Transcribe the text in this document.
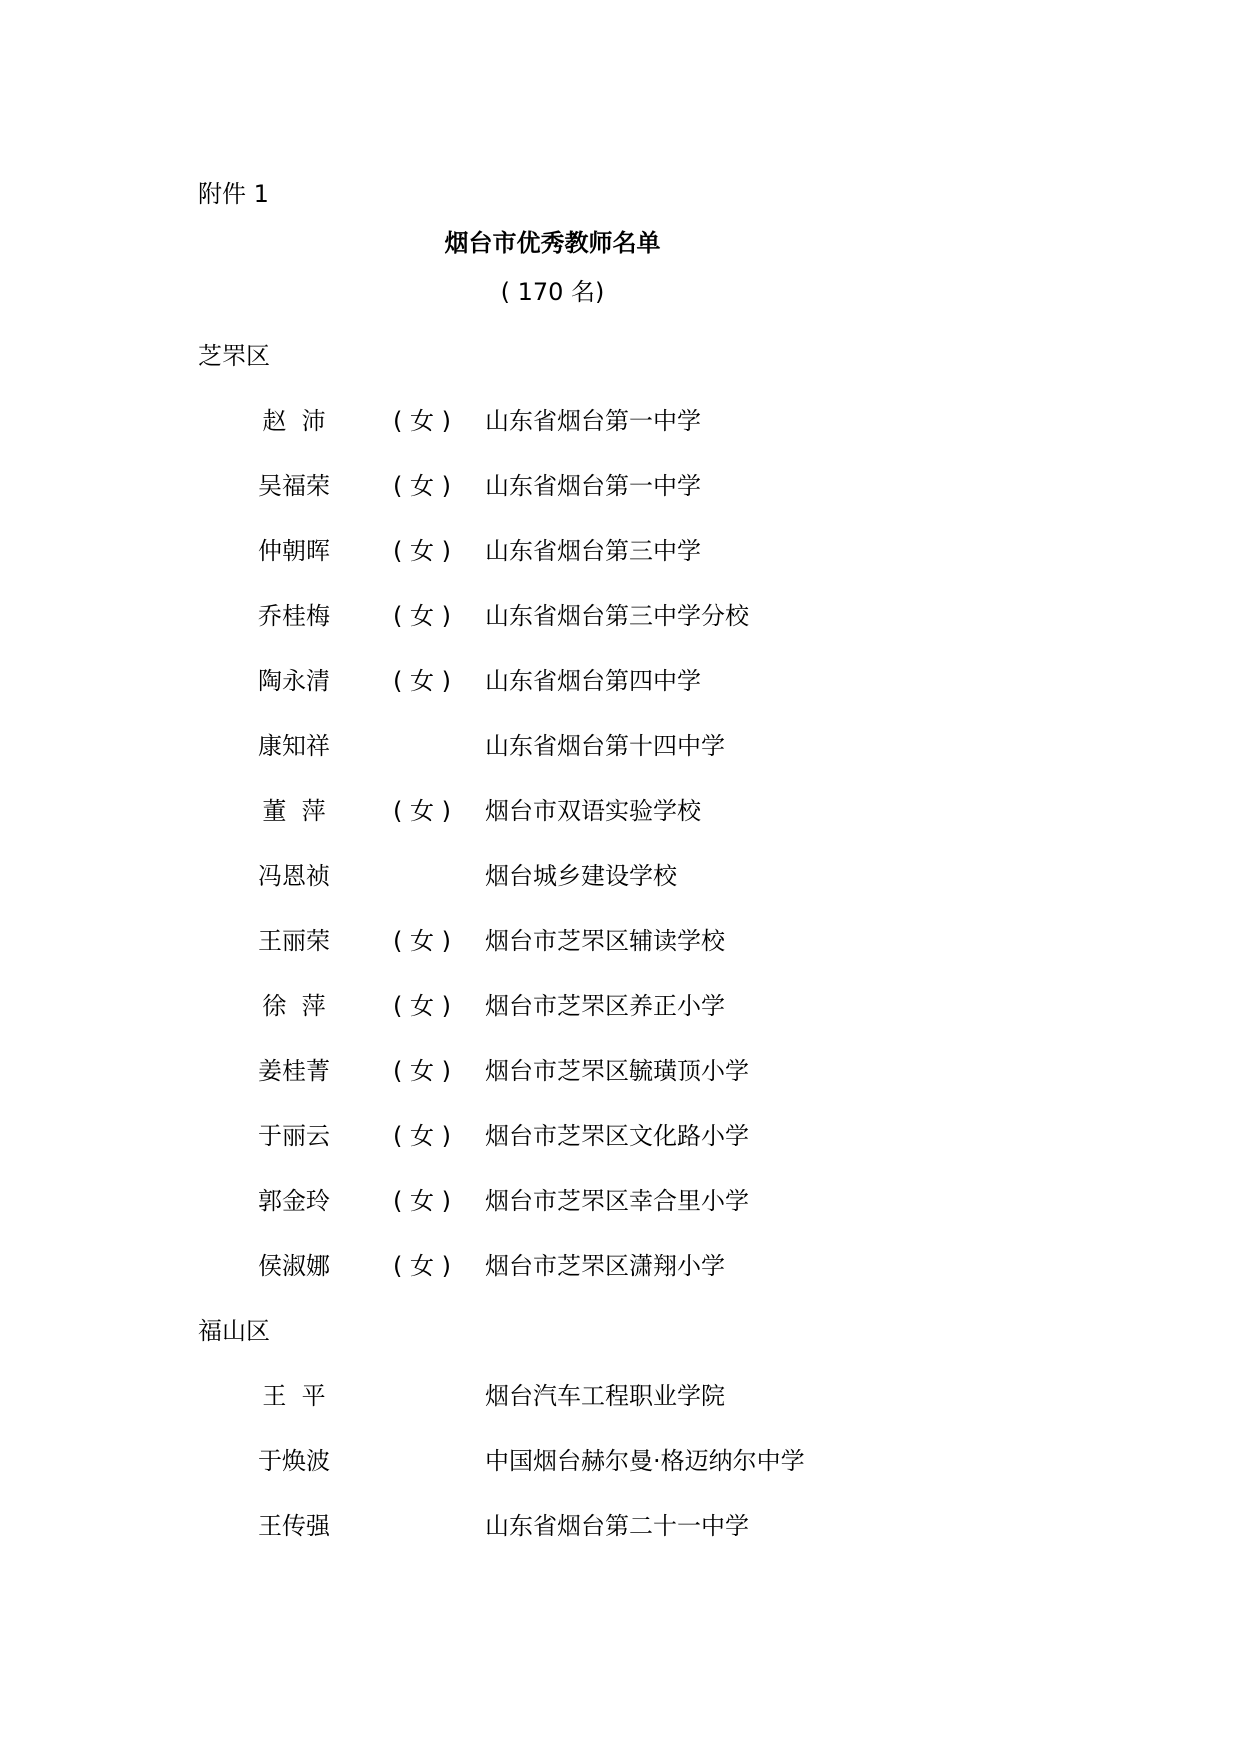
附件 1
烟台市优秀教师名单
( 170 名)
芝罘区
赵  沛	( 女 ) 山东省烟台第一中学
吴福荣	( 女 ) 山东省烟台第一中学
仲朝晖	( 女 ) 山东省烟台第三中学
乔桂梅	( 女 ) 山东省烟台第三中学分校
陶永清	( 女 ) 山东省烟台第四中学
康知祥	山东省烟台第十四中学
董  萍	( 女 ) 烟台市双语实验学校
冯恩祯	烟台城乡建设学校
王丽荣	( 女 ) 烟台市芝罘区辅读学校
徐  萍	( 女 ) 烟台市芝罘区养正小学
姜桂菁	( 女 ) 烟台市芝罘区毓璜顶小学
于丽云	( 女 ) 烟台市芝罘区文化路小学
郭金玲	( 女 ) 烟台市芝罘区幸合里小学
侯淑娜	( 女 ) 烟台市芝罘区潇翔小学
福山区
王  平	烟台汽车工程职业学院
于焕波	中国烟台赫尔曼·格迈纳尔中学
王传强	山东省烟台第二十一中学
